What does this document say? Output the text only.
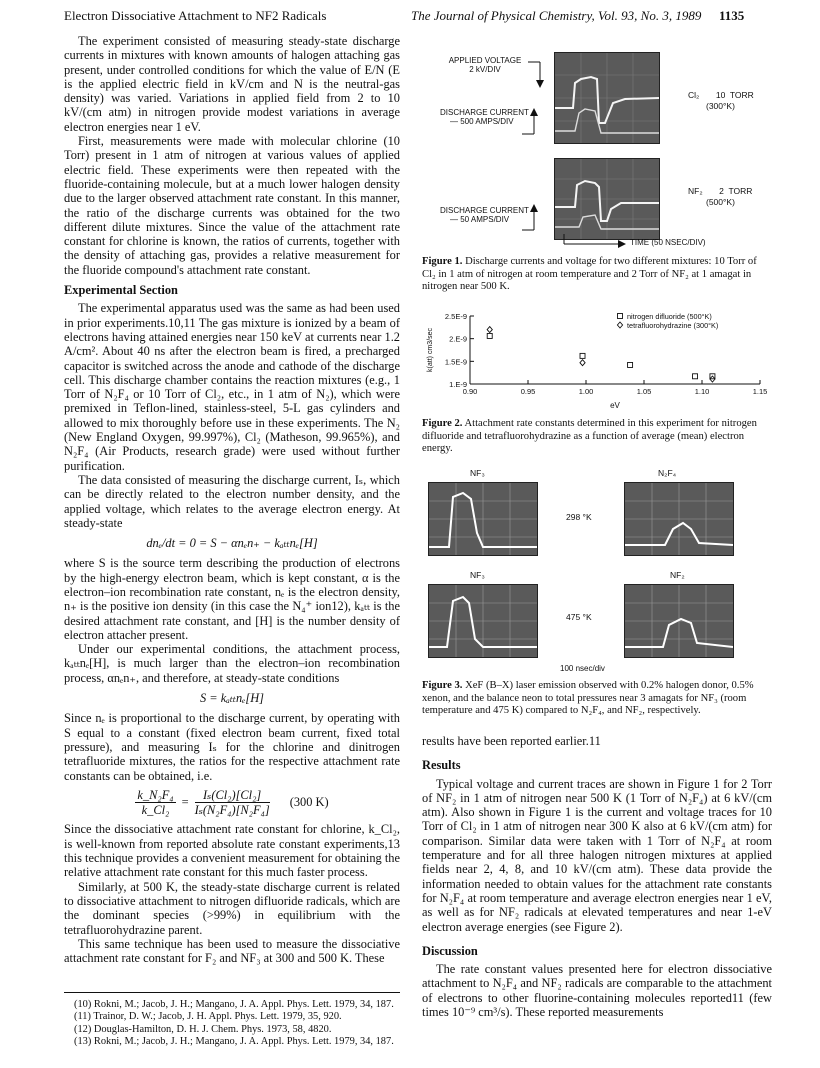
Electron Dissociative Attachment to NF2 Radicals	The Journal of Physical Chemistry, Vol. 93, No. 3, 1989 1135

The experiment consisted of measuring steady-state discharge currents in mixtures with known amounts of halogen attaching gas present, under controlled conditions for which the value of E/N (E is the applied electric field in kV/cm and N is the neutral-gas density) was varied. Variations in applied field from 2 to 10 kV/(cm atm) in nitrogen provide modest variations in average electron energies near 1 eV.

First, measurements were made with molecular chlorine (10 Torr) present in 1 atm of nitrogen at various values of applied electric field. These experiments were then repeated with the fluoride-containing molecule, but at a much lower halogen density due to the larger observed attachment rate constant. In this manner, the ratio of the discharge currents was obtained for the two different dilute mixtures. Since the value of the attachment rate constant for chlorine is known, the ratios of currents, together with the density of attaching gas, provides a relative measurement for the fluoride compound's attachment rate constant.

Experimental Section

The experimental apparatus used was the same as had been used in prior experiments.10,11 The gas mixture is ionized by a beam of electrons having attained energies near 150 keV at currents near 1.2 A/cm². About 40 ns after the electron beam is fired, a precharged capacitor is switched across the anode and cathode of the discharge cell. This discharge chamber contains the reaction mixtures (e.g., 1 Torr of N₂F₄ or 10 Torr of Cl₂, etc., in 1 atm of N₂), which were premixed in Teflon-lined, stainless-steel, 5-L gas cylinders and allowed to mix thoroughly before use in these experiments. The N₂ (New England Oxygen, 99.997%), Cl₂ (Matheson, 99.965%), and N₂F₄ (Air Products, research grade) were used without further purification.

The data consisted of measuring the discharge current, Iₛ, which can be directly related to the electron number density, and the applied voltage, which relates to the average electron energy. At steady-state

dnₑ/dt = 0 = S − αnₑn₊ − kₐₜₜnₑ[H]

where S is the source term describing the production of electrons by the high-energy electron beam, which is kept constant, α is the electron–ion recombination rate constant, nₑ is the electron density, n₊ is the positive ion density (in this case the N₄⁺ ion12), kₐₜₜ is the desired attachment rate constant, and [H] is the number density of electron attacher present.

Under our experimental conditions, the attachment process, kₐₜₜnₑ[H], is much larger than the electron–ion recombination process, αnₑn₊, and therefore, at steady-state conditions

S = kₐₜₜnₑ[H]

Since nₑ is proportional to the discharge current, by operating with S equal to a constant (fixed electron beam current, fixed total pressure), and measuring Iₛ for the chlorine and dinitrogen tetrafluoride mixtures, the ratios for the respective attachment rate constants can be obtained, i.e.

$\frac{\text{k\_N₂F₄}}{\text{k\_Cl₂}} = \frac{\text{Iₛ(Cl₂)[Cl₂]}}{\text{Iₛ(N₂F₄)[N₂F₄]}} (300$ K)

Since the dissociative attachment rate constant for chlorine, k_Cl₂, is well-known from reported absolute rate constant experiments,13 this technique provides a convenient measurement for obtaining the relative attachment rate constant for this much faster process.

Similarly, at 500 K, the steady-state discharge current is related to dissociative attachment to nitrogen difluoride radicals, which are the dominant species (>99%) in equilibrium with the tetrafluorohydrazine parent.

This same technique has been used to measure the dissociative attachment rate constant for F₂ and NF₃ at 300 and 500 K. These

(10) Rokni, M.; Jacob, J. H.; Mangano, J. A. Appl. Phys. Lett. 1979, 34, 187.
(11) Trainor, D. W.; Jacob, J. H. Appl. Phys. Lett. 1979, 35, 920.
(12) Douglas-Hamilton, D. H. J. Chem. Phys. 1973, 58, 4820.
(13) Rokni, M.; Jacob, J. H.; Mangano, J. A. Appl. Phys. Lett. 1979, 34, 187.
APPLIED VOLTAGE
2 kV/DIV
DISCHARGE CURRENT
— 500 AMPS/DIV
Cl₂       10  TORR
(300°K)
DISCHARGE CURRENT
— 50 AMPS/DIV
NF₂       2  TORR
(500°K)
TIME (50 NSEC/DIV)
Figure 1. Discharge currents and voltage for two different mixtures: 10 Torr of Cl₂ in 1 atm of nitrogen at room temperature and 2 Torr of NF₂ at 1 amagat in nitrogen near 500 K.
0.90	0.95	1.00	1.05	1.10	1.15
1.E-9
1.5E-9
2.E-9
2.5E-9
eV
k(att) cm3/sec
nitrogen difluoride (500°K)
tetrafluorohydrazine (300°K)
Figure 2. Attachment rate constants determined in this experiment for nitrogen difluoride and tetrafluorohydrazine as a function of average (mean) electron energy.
NF₃	N₂F₄
298 °K
NF₃	NF₂
475 °K
100 nsec/div
Figure 3. XeF (B–X) laser emission observed with 0.2% halogen donor, 0.5% xenon, and the balance neon to total pressures near 3 amagats for NF₃ (room temperature and 475 K) compared to N₂F₄, and NF₂, respectively.

results have been reported earlier.11

Results

Typical voltage and current traces are shown in Figure 1 for 2 Torr of NF₂ in 1 atm of nitrogen near 500 K (1 Torr of N₂F₄) at 6 kV/(cm atm). Also shown in Figure 1 is the current and voltage traces for 10 Torr of Cl₂ in 1 atm of nitrogen near 300 K also at 6 kV/(cm atm) for comparison. Similar data were taken with 1 Torr of N₂F₄ at room temperature and for all three halogen nitrogen mixtures at applied fields near 2, 4, 8, and 10 kV/(cm atm). These data provide the information needed to obtain values for the attachment rate constants for N₂F₄ at room temperature and average electron energies near 1 eV, as well as for NF₂ radicals at elevated temperatures and near 1-eV electron average energies (see Figure 2).

Discussion

The rate constant values presented here for electron dissociative attachment to N₂F₄ and NF₂ radicals are comparable to the attachment of electrons to other fluorine-containing molecules reported11 (few times 10⁻⁹ cm³/s). These reported measurements
